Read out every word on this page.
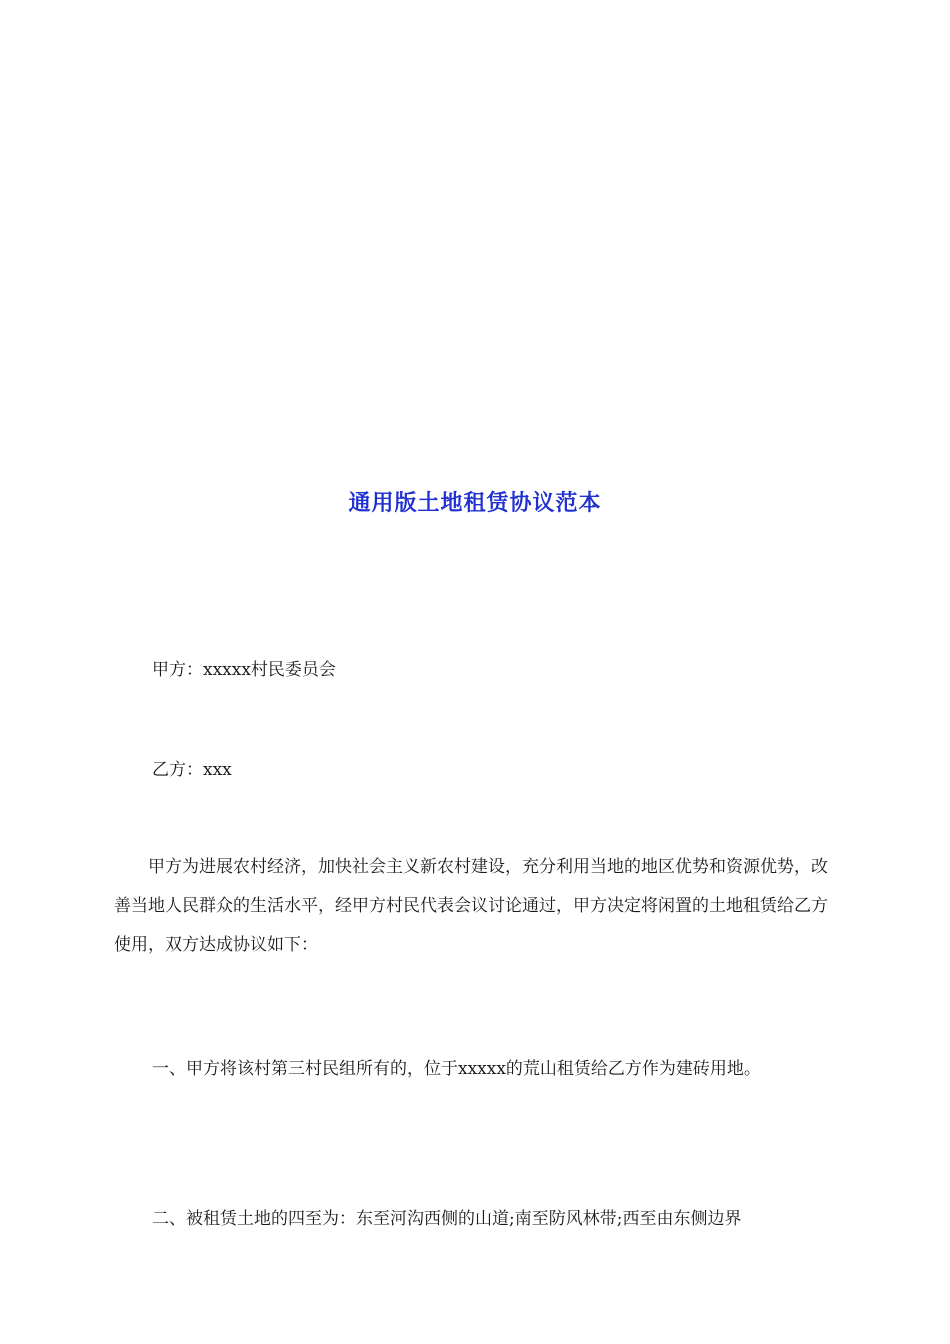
通用版土地租赁协议范本

甲方：xxxxx村民委员会

乙方：xxx

甲方为进展农村经济，加快社会主义新农村建设，充分利用当地的地区优势和资源优势，改善当地人民群众的生活水平，经甲方村民代表会议讨论通过，甲方决定将闲置的土地租赁给乙方使用，双方达成协议如下：

一、甲方将该村第三村民组所有的，位于xxxxx的荒山租赁给乙方作为建砖用地。

二、被租赁土地的四至为：东至河沟西侧的山道;南至防风林带;西至由东侧边界
